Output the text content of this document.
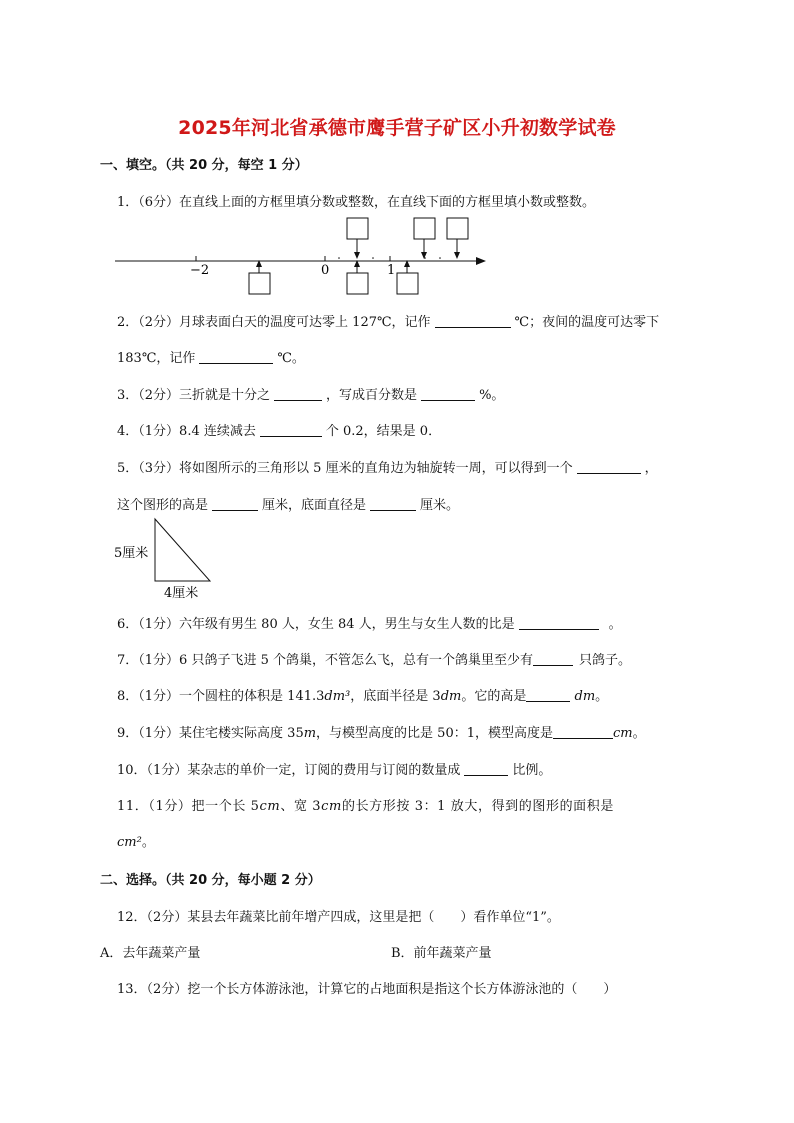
2025年河北省承德市鹰手营子矿区小升初数学试卷
一、填空。（共 20 分，每空 1 分）
1．（6分）在直线上面的方框里填分数或整数，在直线下面的方框里填小数或整数。
−2	0	1
2．（2分）月球表面白天的温度可达零上 127℃，记作	℃；夜间的温度可达零下
183℃，记作	℃。
3．（2分）三折就是十分之	，写成百分数是	%。
4．（1分）8.4 连续减去	个 0.2，结果是 0．
5．（3分）将如图所示的三角形以 5 厘米的直角边为轴旋转一周，可以得到一个	，
这个图形的高是	厘米，底面直径是	厘米。
5厘米
4厘米
6．（1分）六年级有男生 80 人，女生 84 人，男生与女生人数的比是	。
7．（1分）6 只鸽子飞进 5 个鸽巢，不管怎么飞，总有一个鸽巢里至少有	只鸽子。
8．（1分）一个圆柱的体积是 141.3dm³，底面半径是 3dm。它的高是	dm。
9．（1分）某住宅楼实际高度 35m，与模型高度的比是 50：1，模型高度是	cm。
10．（1分）某杂志的单价一定，订阅的费用与订阅的数量成	比例。
11．（1分）把一个长 5cm、宽 3cm的长方形按 3：1 放大，得到的图形的面积是
cm²。
二、选择。（共 20 分，每小题 2 分）
12．（2分）某县去年蔬菜比前年增产四成，这里是把（　　）看作单位“1”。
A．去年蔬菜产量	B．前年蔬菜产量
13．（2分）挖一个长方体游泳池，计算它的占地面积是指这个长方体游泳池的（　　）
